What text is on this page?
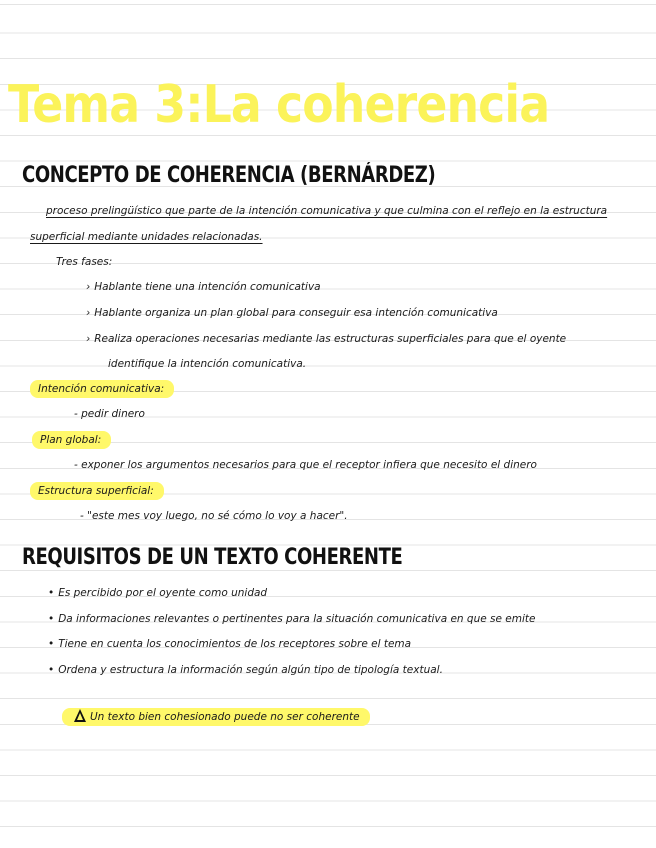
Tema 3:La coherencia
CONCEPTO DE COHERENCIA (BERNÁRDEZ)

proceso prelingüístico que parte de la intención comunicativa y que culmina con el reflejo en la estructura

superficial mediante unidades relacionadas.

Tres fases:

› Hablante tiene una intención comunicativa

› Hablante organiza un plan global para conseguir esa intención comunicativa

› Realiza operaciones necesarias mediante las estructuras superficiales para que el oyente

identifique la intención comunicativa.

Intención comunicativa:

- pedir dinero

Plan global:

- exponer los argumentos necesarios para que el receptor infiera que necesito el dinero

Estructura superficial:

- "este mes voy luego, no sé cómo lo voy a hacer".

REQUISITOS DE UN TEXTO COHERENTE

• Es percibido por el oyente como unidad

• Da informaciones relevantes o pertinentes para la situación comunicativa en que se emite

• Tiene en cuenta los conocimientos de los receptores sobre el tema

• Ordena y estructura la información según algún tipo de tipología textual.

Un texto bien cohesionado puede no ser coherente
